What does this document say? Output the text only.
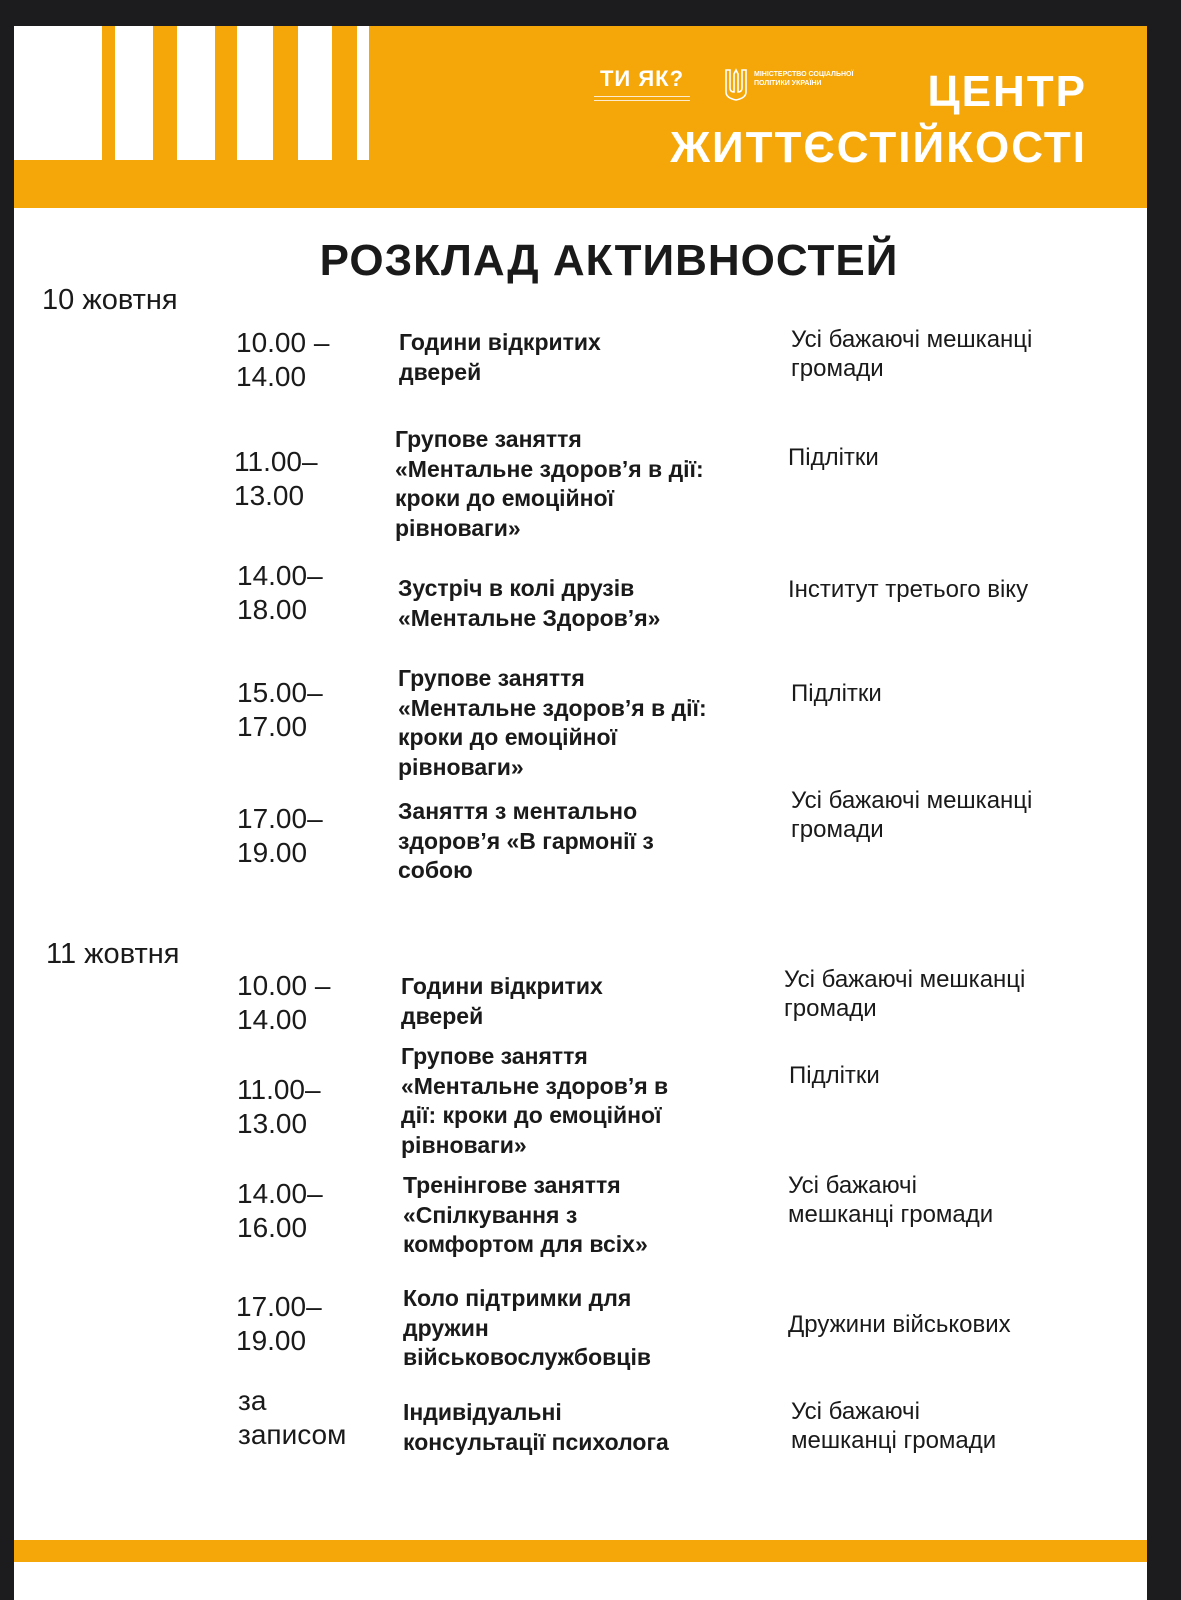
ТИ ЯК?	МІНІСТЕРСТВО СОЦІАЛЬНОЇ ПОЛІТИКИ УКРАЇНИ	ЦЕНТР
ЖИТТЄСТІЙКОСТІ
РОЗКЛАД АКТИВНОСТЕЙ
10 жовтня
10.00 –
14.00
Години відкритих
дверей
Усі бажаючі мешканці
громади
11.00–
13.00
Групове заняття
«Ментальне здоров’я в дії:
кроки до емоційної
рівноваги»
Підлітки
14.00–
18.00
Зустріч в колі друзів
«Ментальне Здоров’я»
Інститут третього віку
15.00–
17.00
Групове заняття
«Ментальне здоров’я в дії:
кроки до емоційної
рівноваги»
Підлітки
17.00–
19.00
Заняття з ментально
здоров’я «В гармонії з
собою
Усі бажаючі мешканці
громади
11 жовтня
10.00 –
14.00
Години відкритих
дверей
Усі бажаючі мешканці
громади
11.00–
13.00
Групове заняття
«Ментальне здоров’я в
дії: кроки до емоційної
рівноваги»
Підлітки
14.00–
16.00
Тренінгове заняття
«Спілкування з
комфортом для всіх»
Усі бажаючі
мешканці громади
17.00–
19.00
Коло підтримки для
дружин
військовослужбовців
Дружини військових
за
записом
Індивідуальні
консультації психолога
Усі бажаючі
мешканці громади
